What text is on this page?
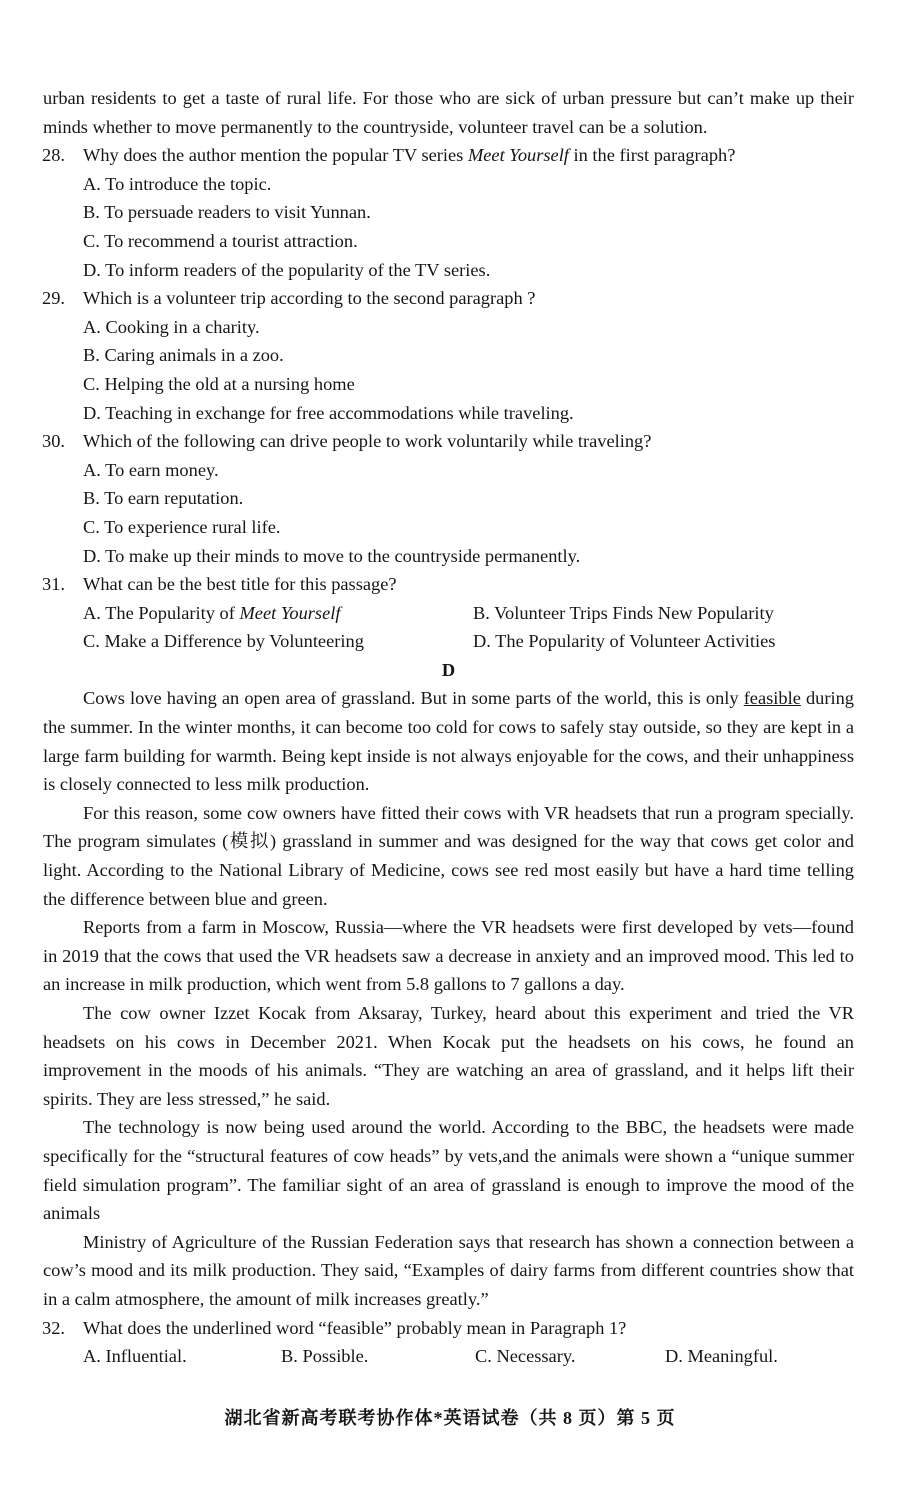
urban residents to get a taste of rural life. For those who are sick of urban pressure but can’t make up their minds whether to move permanently to the countryside, volunteer travel can be a solution.

28. Why does the author mention the popular TV series Meet Yourself in the first paragraph?

A. To introduce the topic.

B. To persuade readers to visit Yunnan.

C. To recommend a tourist attraction.

D. To inform readers of the popularity of the TV series.

29. Which is a volunteer trip according to the second paragraph ?

A. Cooking in a charity.

B. Caring animals in a zoo.

C. Helping the old at a nursing home

D. Teaching in exchange for free accommodations while traveling.

30. Which of the following can drive people to work voluntarily while traveling?

A. To earn money.

B. To earn reputation.

C. To experience rural life.

D. To make up their minds to move to the countryside permanently.

31. What can be the best title for this passage?

A. The Popularity of Meet Yourself	B. Volunteer Trips Finds New Popularity
C. Make a Difference by Volunteering	D. The Popularity of Volunteer Activities

D

Cows love having an open area of grassland. But in some parts of the world, this is only feasible during the summer. In the winter months, it can become too cold for cows to safely stay outside, so they are kept in a large farm building for warmth. Being kept inside is not always enjoyable for the cows, and their unhappiness is closely connected to less milk production.

For this reason, some cow owners have fitted their cows with VR headsets that run a program specially. The program simulates (模拟) grassland in summer and was designed for the way that cows get color and light. According to the National Library of Medicine, cows see red most easily but have a hard time telling the difference between blue and green.

Reports from a farm in Moscow, Russia—where the VR headsets were first developed by vets—found in 2019 that the cows that used the VR headsets saw a decrease in anxiety and an improved mood. This led to an increase in milk production, which went from 5.8 gallons to 7 gallons a day.

The cow owner Izzet Kocak from Aksaray, Turkey, heard about this experiment and tried the VR headsets on his cows in December 2021. When Kocak put the headsets on his cows, he found an improvement in the moods of his animals. “They are watching an area of grassland, and it helps lift their spirits. They are less stressed,” he said.

The technology is now being used around the world. According to the BBC, the headsets were made specifically for the “structural features of cow heads” by vets,and the animals were shown a “unique summer field simulation program”. The familiar sight of an area of grassland is enough to improve the mood of the animals

Ministry of Agriculture of the Russian Federation says that research has shown a connection between a cow’s mood and its milk production. They said, “Examples of dairy farms from different countries show that in a calm atmosphere, the amount of milk increases greatly.”

32. What does the underlined word “feasible” probably mean in Paragraph 1?

A. Influential.	B. Possible.	C. Necessary.	D. Meaningful.
湖北省新高考联考协作体*英语试卷（共 8 页）第 5 页
